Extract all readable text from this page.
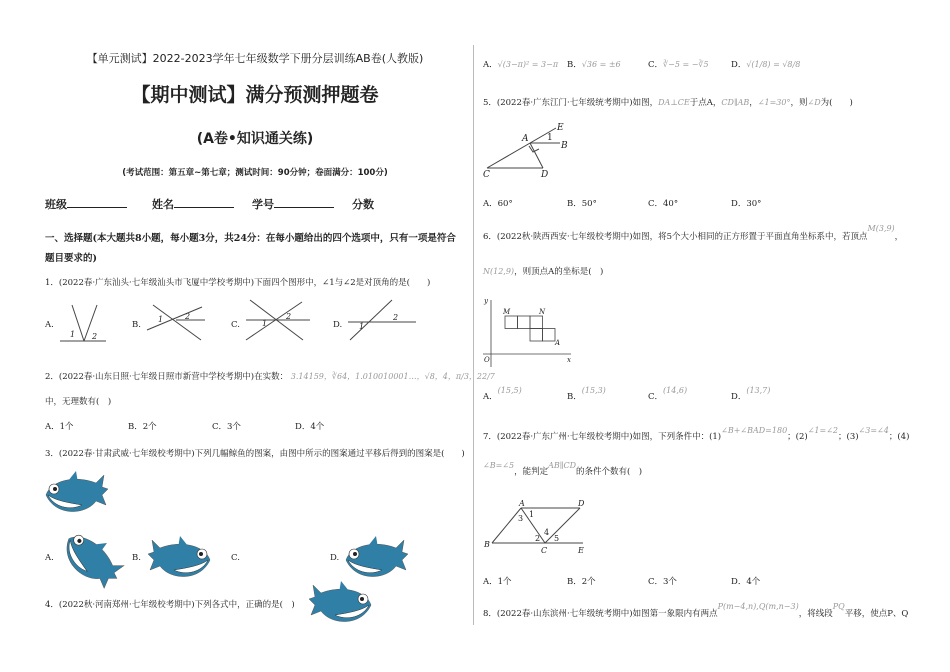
【单元测试】2022-2023学年七年级数学下册分层训练AB卷(人教版)
【期中测试】满分预测押题卷
(A卷•知识通关练)
(考试范围：第五章~第七章；测试时间：90分钟；卷面满分：100分)
班级	姓名	学号	分数
一、选择题(本大题共8小题，每小题3分，共24分：在每小题给出的四个选项中，只有一项是符合
题目要求的)
1．(2022春·广东汕头·七年级汕头市飞厦中学校考期中)下面四个图形中，∠1与∠2是对顶角的是(　　)
A.	B.	C.	D.
1 2
1	2
1
2
1
2
2．(2022春·山东日照·七年级日照市新营中学校考期中)在实数： 3.14159，∛64，1.010010001…，√8，4，π/3，22/7
中，无理数有(　)
A．1个	B．2个	C．3个	D．4个
3．(2022春·甘肃武威·七年级校考期中)下列几幅鲸鱼的图案，由图中所示的图案通过平移后得到的图案是(　　)
A.	B.	C.	D.
4．(2022秋·河南郑州·七年级校考期中)下列各式中，正确的是(　)
A．√(3−π)² = 3−π B．√36 = ±6	C．∛−5 = −∛5	D．√(1/8) = √8/8
5．(2022春·广东江门·七年级统考期中)如图，DA⊥CE于点A，CD∥AB，∠1=30°，则∠D为(　　)
E
A 1
B
C	D
A．60°	B．50°	C．40°	D．30°
6．(2022秋·陕西西安·七年级校考期中)如图，将5个大小相同的正方形置于平面直角坐标系中，若顶点M(3,9)，
N(12,9)，则顶点A的坐标是(　)
y
M	N
A
O	x
A．(15,5)
B．(15,3)
C．(14,6)
D．(13,7)
7．(2022春·广东广州·七年级校考期中)如图，下列条件中：(1)∠B+∠BAD=180；(2)∠1=∠2；(3)∠3=∠4；(4)
∠B=∠5，能判定AB∥CD的条件个数有(　)
A	D
1
3
4
2 5
B
C	E
A．1个	B．2个	C．3个	D．4个
8．(2022春·山东滨州·七年级统考期中)如图第一象限内有两点P(m−4,n),Q(m,n−3)，将线段PQ平移，使点P、Q
